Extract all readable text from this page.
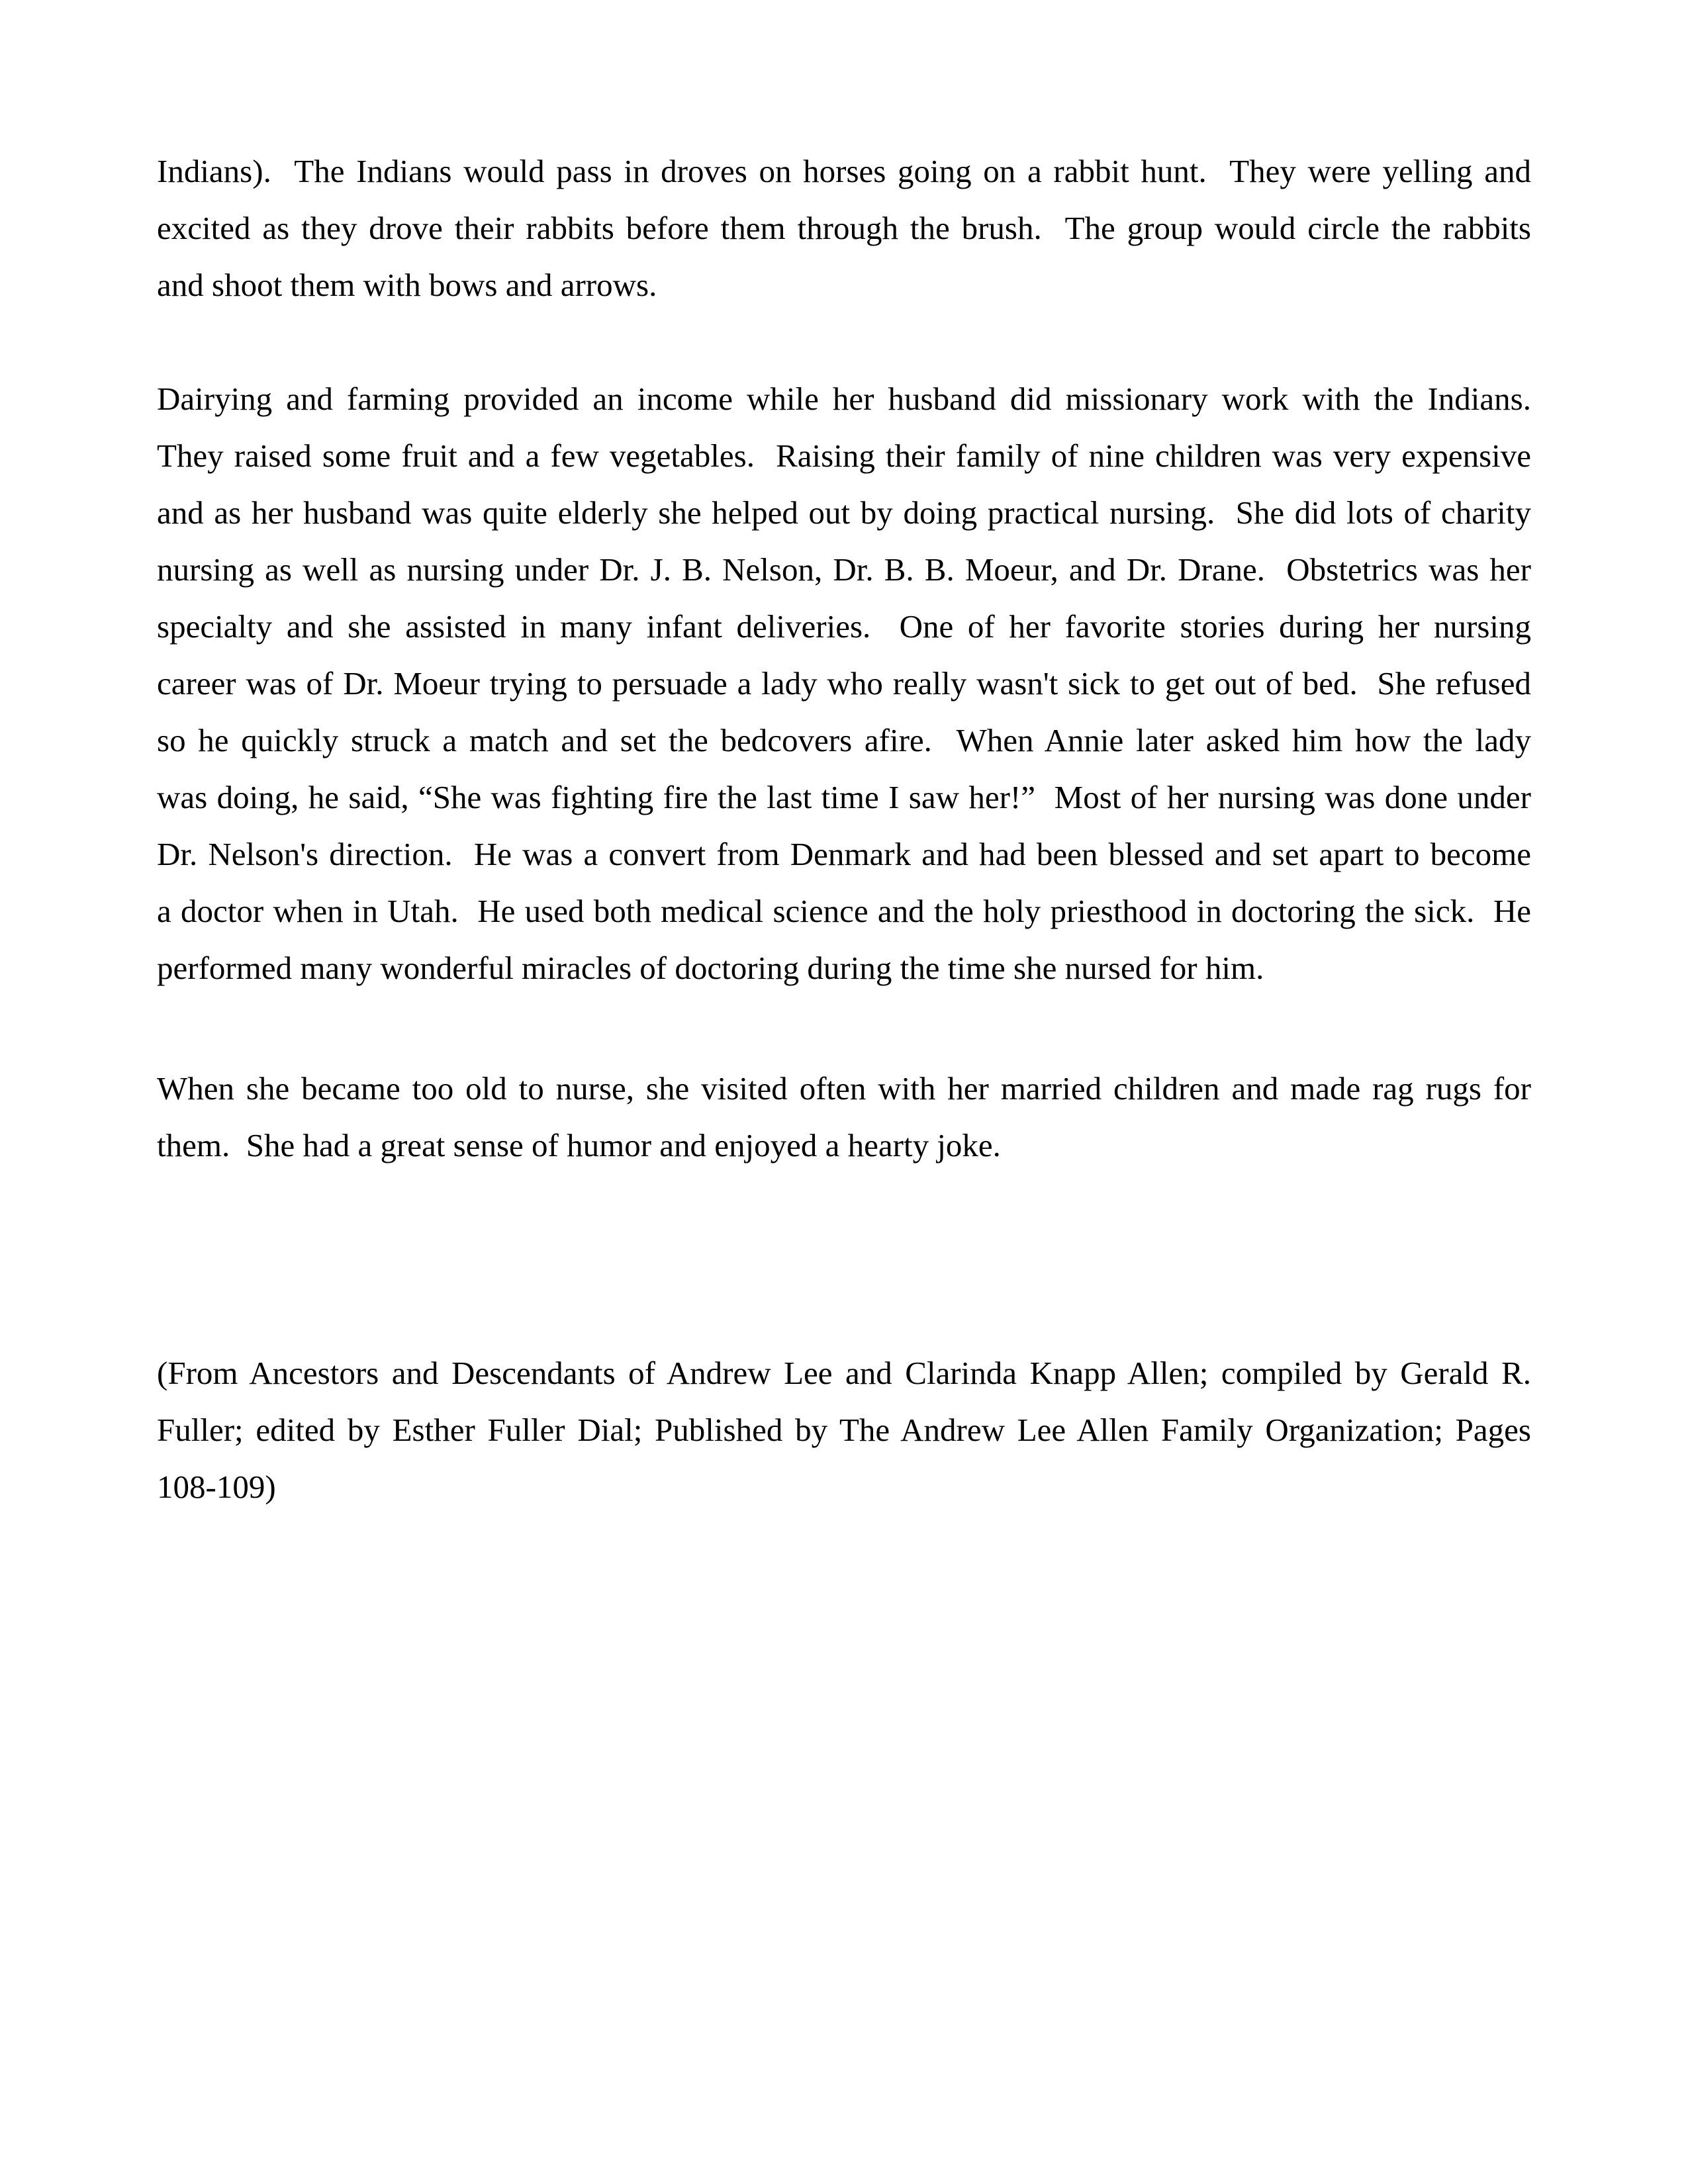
Indians).  The Indians would pass in droves on horses going on a rabbit hunt.  They were yelling and
excited as they drove their rabbits before them through the brush.  The group would circle the rabbits
and shoot them with bows and arrows.
Dairying and farming provided an income while her husband did missionary work with the Indians.
They raised some fruit and a few vegetables.  Raising their family of nine children was very expensive
and as her husband was quite elderly she helped out by doing practical nursing.  She did lots of charity
nursing as well as nursing under Dr. J. B. Nelson, Dr. B. B. Moeur, and Dr. Drane.  Obstetrics was her
specialty and she assisted in many infant deliveries.  One of her favorite stories during her nursing
career was of Dr. Moeur trying to persuade a lady who really wasn't sick to get out of bed.  She refused
so he quickly struck a match and set the bedcovers afire.  When Annie later asked him how the lady
was doing, he said, “She was fighting fire the last time I saw her!”  Most of her nursing was done under
Dr. Nelson's direction.  He was a convert from Denmark and had been blessed and set apart to become
a doctor when in Utah.  He used both medical science and the holy priesthood in doctoring the sick.  He
performed many wonderful miracles of doctoring during the time she nursed for him.
When she became too old to nurse, she visited often with her married children and made rag rugs for
them.  She had a great sense of humor and enjoyed a hearty joke.
(From Ancestors and Descendants of Andrew Lee and Clarinda Knapp Allen; compiled by Gerald R.
Fuller; edited by Esther Fuller Dial; Published by The Andrew Lee Allen Family Organization; Pages
108-109)
